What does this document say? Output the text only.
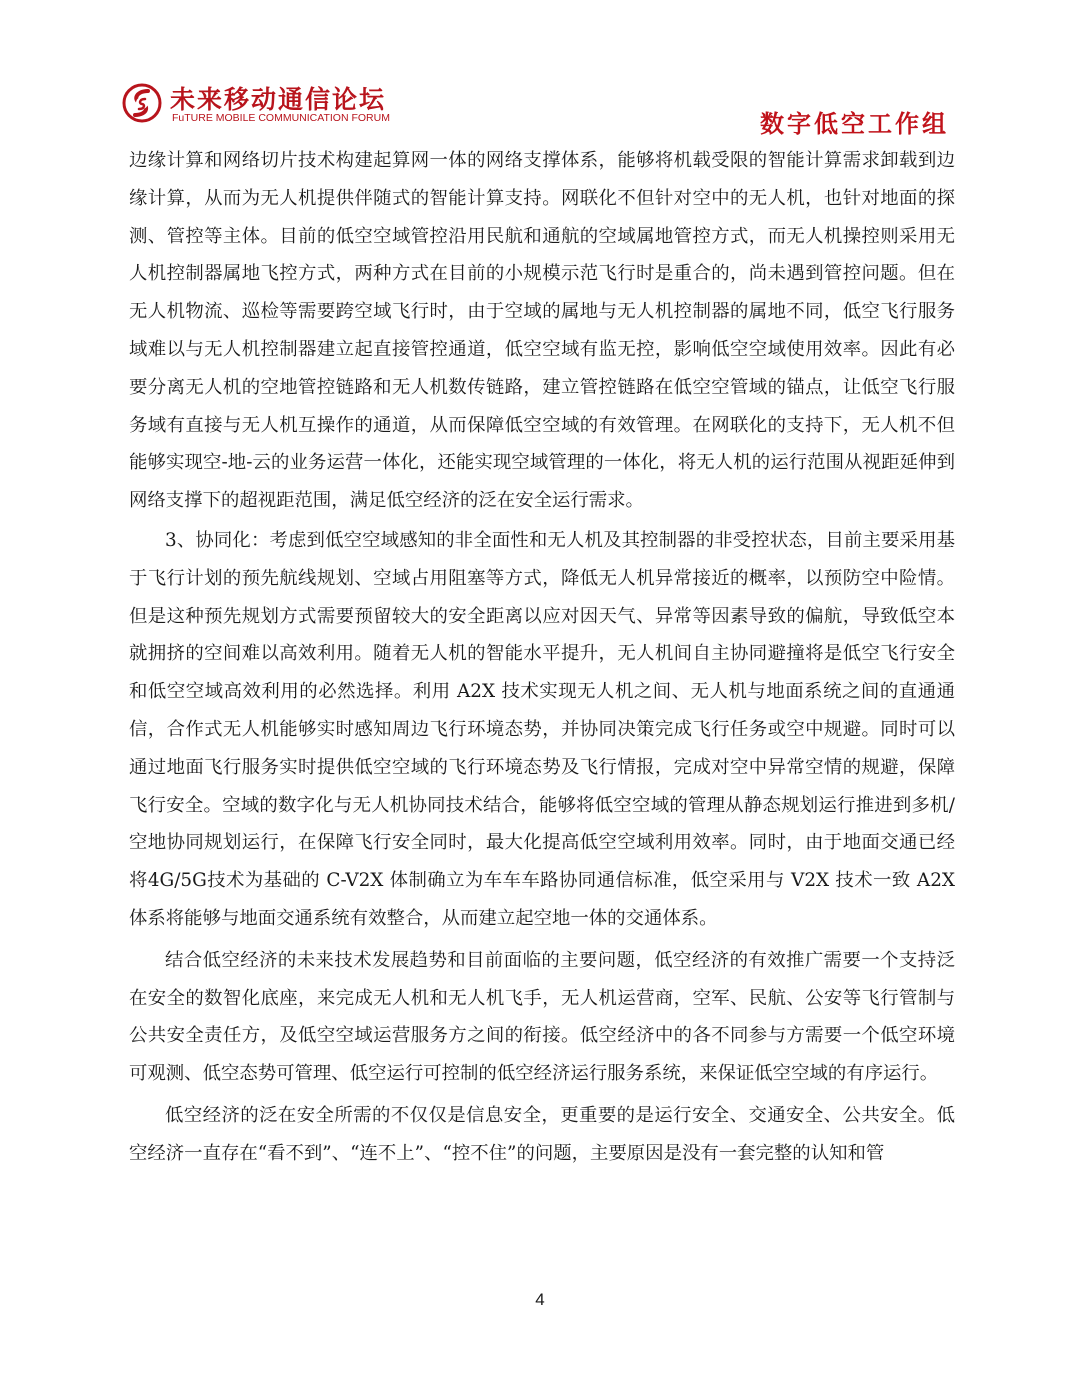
未来移动通信论坛
FuTURE MOBILE COMMUNICATION FORUM	数字低空工作组

边缘计算和网络切片技术构建起算网一体的网络支撑体系，能够将机载受限的智能计算需求卸载到边缘计算，从而为无人机提供伴随式的智能计算支持。网联化不但针对空中的无人机，也针对地面的探测、管控等主体。目前的低空空域管控沿用民航和通航的空域属地管控方式，而无人机操控则采用无人机控制器属地飞控方式，两种方式在目前的小规模示范飞行时是重合的，尚未遇到管控问题。但在无人机物流、巡检等需要跨空域飞行时，由于空域的属地与无人机控制器的属地不同，低空飞行服务域难以与无人机控制器建立起直接管控通道，低空空域有监无控，影响低空空域使用效率。因此有必要分离无人机的空地管控链路和无人机数传链路，建立管控链路在低空空管域的锚点，让低空飞行服务域有直接与无人机互操作的通道，从而保障低空空域的有效管理。在网联化的支持下，无人机不但能够实现空-地-云的业务运营一体化，还能实现空域管理的一体化，将无人机的运行范围从视距延伸到网络支撑下的超视距范围，满足低空经济的泛在安全运行需求。

3、协同化：考虑到低空空域感知的非全面性和无人机及其控制器的非受控状态，目前主要采用基于飞行计划的预先航线规划、空域占用阻塞等方式，降低无人机异常接近的概率，以预防空中险情。但是这种预先规划方式需要预留较大的安全距离以应对因天气、异常等因素导致的偏航，导致低空本就拥挤的空间难以高效利用。随着无人机的智能水平提升，无人机间自主协同避撞将是低空飞行安全和低空空域高效利用的必然选择。利用 A2X 技术实现无人机之间、无人机与地面系统之间的直通通信，合作式无人机能够实时感知周边飞行环境态势，并协同决策完成飞行任务或空中规避。同时可以通过地面飞行服务实时提供低空空域的飞行环境态势及飞行情报，完成对空中异常空情的规避，保障飞行安全。空域的数字化与无人机协同技术结合，能够将低空空域的管理从静态规划运行推进到多机/空地协同规划运行，在保障飞行安全同时，最大化提高低空空域利用效率。同时，由于地面交通已经将4G/5G技术为基础的 C-V2X 体制确立为车车车路协同通信标准，低空采用与 V2X 技术一致 A2X 体系将能够与地面交通系统有效整合，从而建立起空地一体的交通体系。

结合低空经济的未来技术发展趋势和目前面临的主要问题，低空经济的有效推广需要一个支持泛在安全的数智化底座，来完成无人机和无人机飞手，无人机运营商，空军、民航、公安等飞行管制与公共安全责任方，及低空空域运营服务方之间的衔接。低空经济中的各不同参与方需要一个低空环境可观测、低空态势可管理、低空运行可控制的低空经济运行服务系统，来保证低空空域的有序运行。

低空经济的泛在安全所需的不仅仅是信息安全，更重要的是运行安全、交通安全、公共安全。低空经济一直存在“看不到”、“连不上”、“控不住”的问题，主要原因是没有一套完整的认知和管

4
